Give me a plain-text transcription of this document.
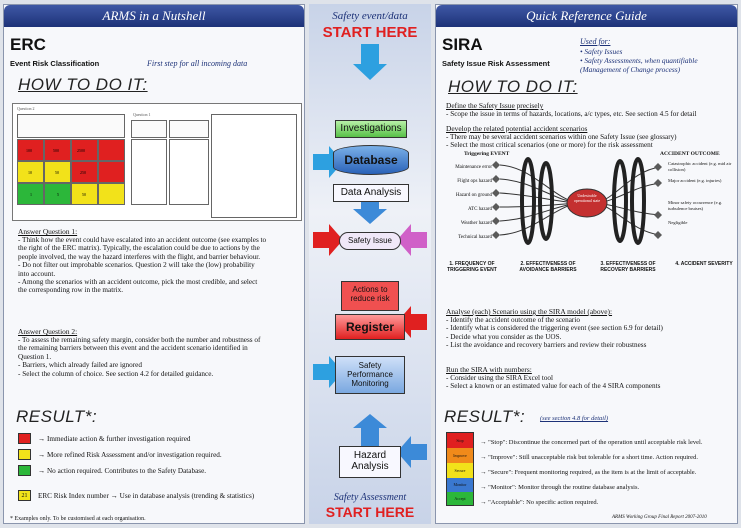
ARMS in a Nutshell
ERC
Event Risk Classification	First step for all incoming data
HOW TO DO IT:
Question 2
Question 1
100	500	2500
10	50	250
1	5	50
Answer Question 1:
- Think how the event could have escalated into an accident outcome (see examples to
the right of the ERC matrix). Typically, the escalation could be due to actions by the
people involved, the way the hazard interferes with the flight, and barrier behaviour.
- Do not filter out improbable scenarios. Question 2 will take the (low) probability
into account.
- Among the scenarios with an accident outcome, pick the most credible, and select
the corresponding row in the matrix.
Answer Question 2:
- To assess the remaining safety margin, consider both the number and robustness of
the remaining barriers between this event and the accident scenario identified in
Question 1.
- Barriers, which already failed are ignored
- Select the column of choice. See section 4.2 for detailed guidance.
RESULT*:
→ Immediate action & further investigation required
→ More refined Risk Assessment and/or investigation required.
→ No action required. Contributes to the Safety Database.
21	ERC Risk Index number → Use in database analysis (trending & statistics)
* Examples only. To be customised at each organisation.
Safety event/data
START HERE
Investigations
Database
Data Analysis
Safety Issue
Actions to reduce risk
Register
Safety Performance Monitoring
Hazard Analysis
Safety Assessment
START HERE
Quick Reference Guide
SIRA
Safety Issue Risk Assessment
Used for:
• Safety Issues
• Safety Assessments, when quantifiable
(Management of Change process)
HOW TO DO IT:
Define the Safety Issue precisely
- Scope the issue in terms of hazards, locations, a/c types, etc. See section 4.5 for detail
Develop the related potential accident scenarios
- There may be several accident scenarios within one Safety Issue (see glossary)
- Select the most critical scenarios (one or more) for the risk assessment
Triggering EVENT	ACCIDENT OUTCOME
Maintenance error
Flight ops hazard
Hazard on ground
ATC hazard
Weather hazard
Technical hazard
Undesirable operational state
Catastrophic accident (e.g. mid air collision)
Major accident (e.g. injuries)
Minor safety occurrence (e.g. turbulence bruises)
Negligible
1. FREQUENCY OF TRIGGERING EVENT
2. EFFECTIVENESS OF AVOIDANCE BARRIERS
3. EFFECTIVENESS OF RECOVERY BARRIERS
4. ACCIDENT SEVERITY
Analyse (each) Scenario using the SIRA model (above):
- Identify the accident outcome of the scenario
- Identify what is considered the triggering event (see section 6.9 for detail)
- Decide what you consider as the UOS.
- List the avoidance and recovery barriers and review their robustness
Run the SIRA with numbers:
- Consider using the SIRA Excel tool
- Select a known or an estimated value for each of the 4 SIRA components
RESULT*: (see section 4.8 for detail)
Stop
Improve
Secure
Monitor
Accept
→ "Stop": Discontinue the concerned part of the operation until acceptable risk level.
→ "Improve": Still unacceptable risk but tolerable for a short time. Action required.
→ "Secure": Frequent monitoring required, as the item is at the limit of acceptable.
→ "Monitor": Monitor through the routine database analysis.
→ "Acceptable": No specific action required.
ARMS Working Group Final Report 2007-2010
